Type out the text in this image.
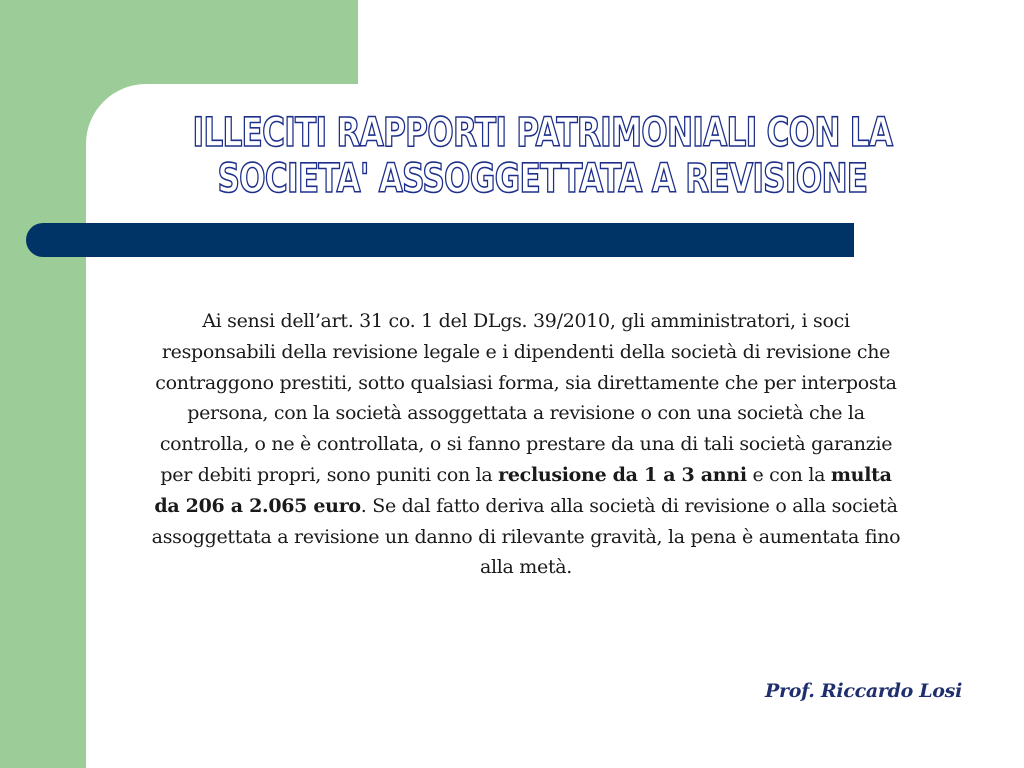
ILLECITI RAPPORTI PATRIMONIALI CON LA
SOCIETA' ASSOGGETTATA A REVISIONE

Ai sensi dell’art. 31 co. 1 del DLgs. 39/2010, gli amministratori, i soci responsabili della revisione legale e i dipendenti della società di revisione che contraggono prestiti, sotto qualsiasi forma, sia direttamente che per interposta persona, con la società assoggettata a revisione o con una società che la controlla, o ne è controllata, o si fanno prestare da una di tali società garanzie per debiti propri, sono puniti con la reclusione da 1 a 3 anni e con la multa da 206 a 2.065 euro. Se dal fatto deriva alla società di revisione o alla società assoggettata a revisione un danno di rilevante gravità, la pena è aumentata fino alla metà.

Prof. Riccardo Losi
